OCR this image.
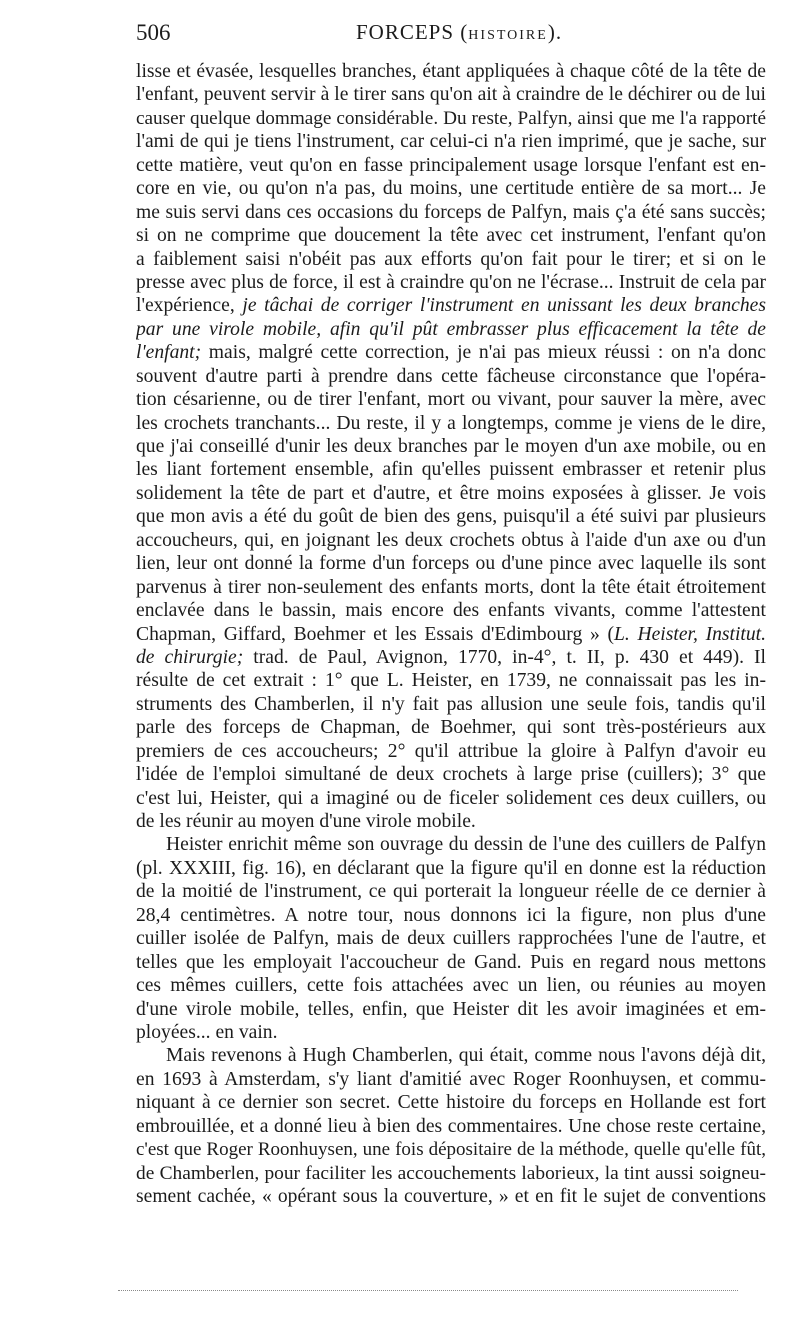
506	FORCEPS (HISTOIRE).
lisse et évasée, lesquelles branches, étant appliquées à chaque côté de la tête de
l'enfant, peuvent servir à le tirer sans qu'on ait à craindre de le déchirer ou de lui
causer quelque dommage considérable. Du reste, Palfyn, ainsi que me l'a rapporté
l'ami de qui je tiens l'instrument, car celui-ci n'a rien imprimé, que je sache, sur
cette matière, veut qu'on en fasse principalement usage lorsque l'enfant est en-
core en vie, ou qu'on n'a pas, du moins, une certitude entière de sa mort... Je
me suis servi dans ces occasions du forceps de Palfyn, mais ç'a été sans succès;
si on ne comprime que doucement la tête avec cet instrument, l'enfant qu'on
a faiblement saisi n'obéit pas aux efforts qu'on fait pour le tirer; et si on le
presse avec plus de force, il est à craindre qu'on ne l'écrase... Instruit de cela par
l'expérience, je tâchai de corriger l'instrument en unissant les deux branches
par une virole mobile, afin qu'il pût embrasser plus efficacement la tête de
l'enfant; mais, malgré cette correction, je n'ai pas mieux réussi : on n'a donc
souvent d'autre parti à prendre dans cette fâcheuse circonstance que l'opéra-
tion césarienne, ou de tirer l'enfant, mort ou vivant, pour sauver la mère, avec
les crochets tranchants... Du reste, il y a longtemps, comme je viens de le dire,
que j'ai conseillé d'unir les deux branches par le moyen d'un axe mobile, ou en
les liant fortement ensemble, afin qu'elles puissent embrasser et retenir plus
solidement la tête de part et d'autre, et être moins exposées à glisser. Je vois
que mon avis a été du goût de bien des gens, puisqu'il a été suivi par plusieurs
accoucheurs, qui, en joignant les deux crochets obtus à l'aide d'un axe ou d'un
lien, leur ont donné la forme d'un forceps ou d'une pince avec laquelle ils sont
parvenus à tirer non-seulement des enfants morts, dont la tête était étroitement
enclavée dans le bassin, mais encore des enfants vivants, comme l'attestent
Chapman, Giffard, Boehmer et les Essais d'Edimbourg » (L. Heister, Institut.
de chirurgie; trad. de Paul, Avignon, 1770, in-4°, t. II, p. 430 et 449). Il
résulte de cet extrait : 1° que L. Heister, en 1739, ne connaissait pas les in-
struments des Chamberlen, il n'y fait pas allusion une seule fois, tandis qu'il
parle des forceps de Chapman, de Boehmer, qui sont très-postérieurs aux
premiers de ces accoucheurs; 2° qu'il attribue la gloire à Palfyn d'avoir eu
l'idée de l'emploi simultané de deux crochets à large prise (cuillers); 3° que
c'est lui, Heister, qui a imaginé ou de ficeler solidement ces deux cuillers, ou
de les réunir au moyen d'une virole mobile.
Heister enrichit même son ouvrage du dessin de l'une des cuillers de Palfyn
(pl. XXXIII, fig. 16), en déclarant que la figure qu'il en donne est la réduction
de la moitié de l'instrument, ce qui porterait la longueur réelle de ce dernier à
28,4 centimètres. A notre tour, nous donnons ici la figure, non plus d'une
cuiller isolée de Palfyn, mais de deux cuillers rapprochées l'une de l'autre, et
telles que les employait l'accoucheur de Gand. Puis en regard nous mettons
ces mêmes cuillers, cette fois attachées avec un lien, ou réunies au moyen
d'une virole mobile, telles, enfin, que Heister dit les avoir imaginées et em-
ployées... en vain.
Mais revenons à Hugh Chamberlen, qui était, comme nous l'avons déjà dit,
en 1693 à Amsterdam, s'y liant d'amitié avec Roger Roonhuysen, et commu-
niquant à ce dernier son secret. Cette histoire du forceps en Hollande est fort
embrouillée, et a donné lieu à bien des commentaires. Une chose reste certaine,
c'est que Roger Roonhuysen, une fois dépositaire de la méthode, quelle qu'elle fût,
de Chamberlen, pour faciliter les accouchements laborieux, la tint aussi soigneu-
sement cachée, « opérant sous la couverture, » et en fit le sujet de conventions
